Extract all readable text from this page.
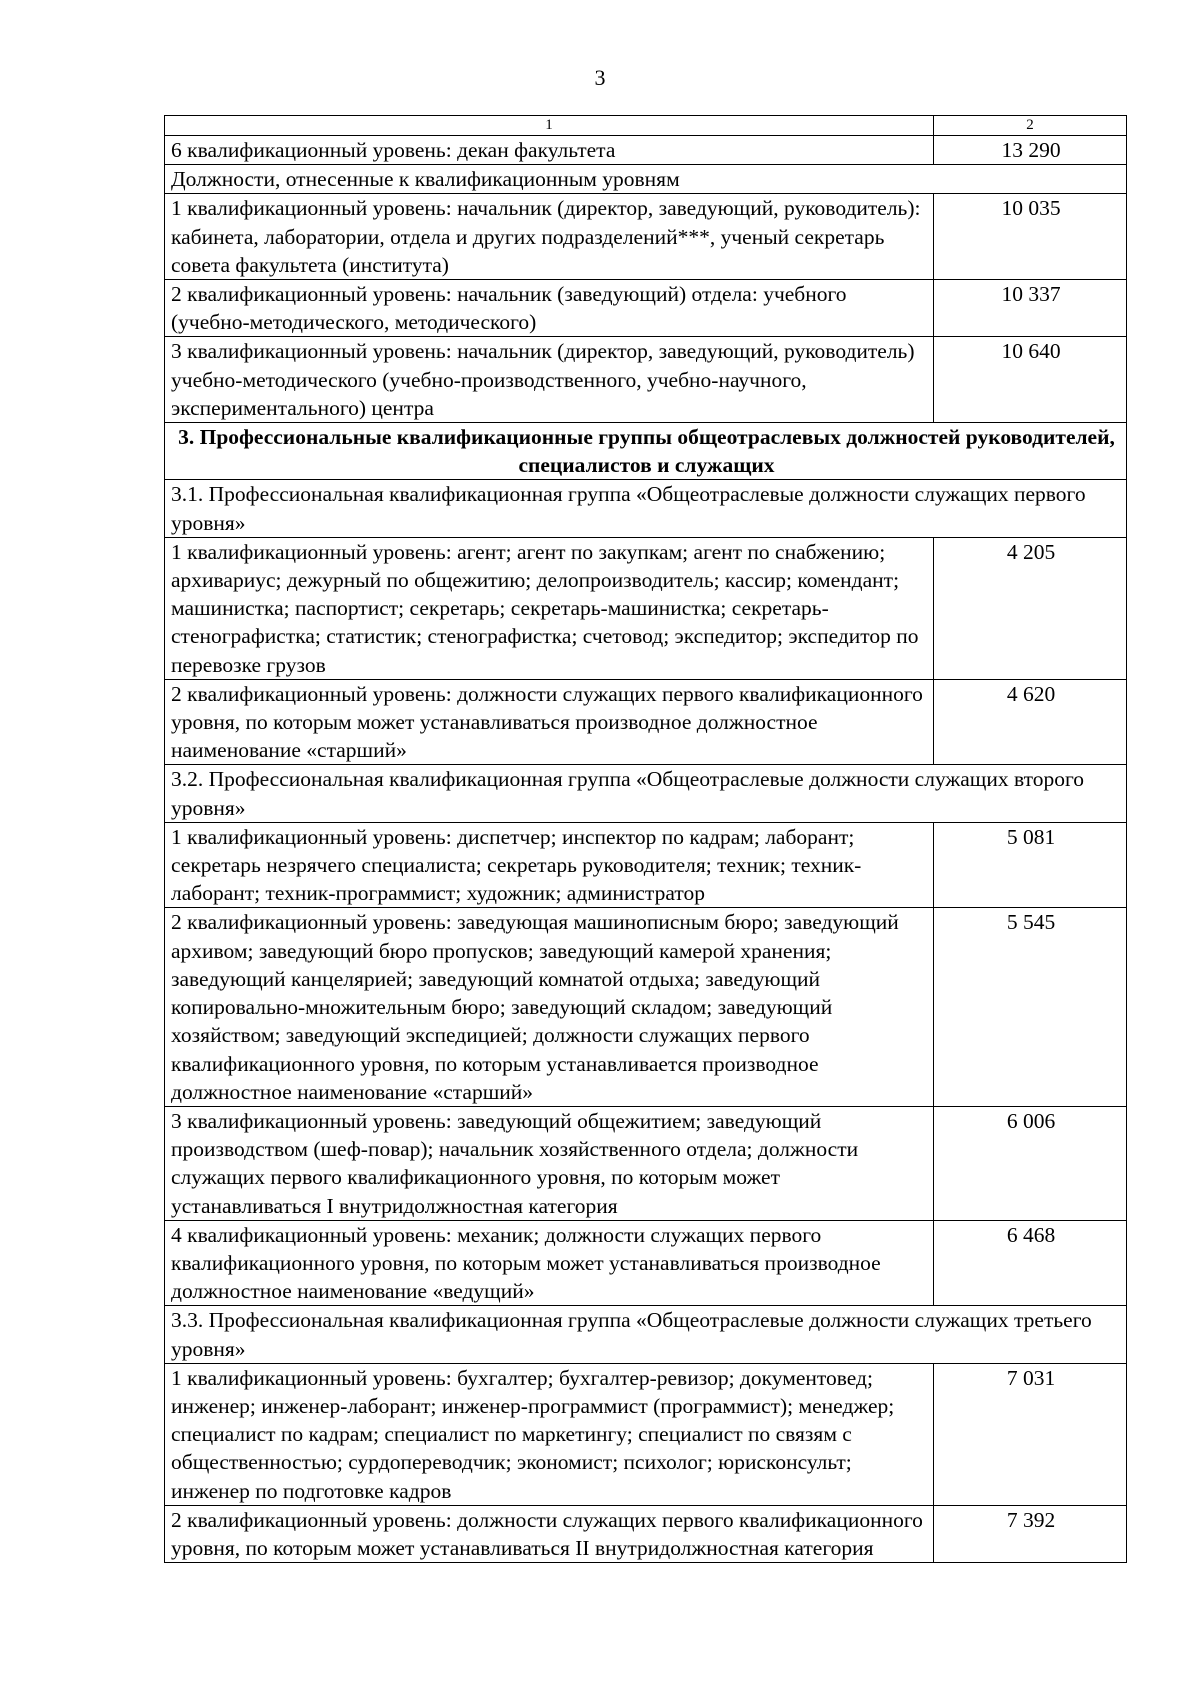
3
1	2
6 квалификационный уровень: декан факультета	13 290
Должности, отнесенные к квалификационным уровням	
1 квалификационный уровень: начальник (директор, заведующий, руководитель): кабинета, лаборатории, отдела и других подразделений***, ученый секретарь совета факультета (института)	10 035
2 квалификационный уровень: начальник (заведующий) отдела: учебного (учебно-методического, методического)	10 337
3 квалификационный уровень: начальник (директор, заведующий, руководитель) учебно-методического (учебно-производственного, учебно-научного, экспериментального) центра	10 640
3. Профессиональные квалификационные группы общеотраслевых должностей руководителей, специалистов и служащих	
3.1. Профессиональная квалификационная группа «Общеотраслевые должности служащих первого уровня»	
1 квалификационный уровень: агент; агент по закупкам; агент по снабжению; архивариус; дежурный по общежитию; делопроизводитель; кассир; комендант; машинистка; паспортист; секретарь; секретарь-машинистка; секретарь-стенографистка; статистик; стенографистка; счетовод; экспедитор; экспедитор по перевозке грузов	4 205
2 квалификационный уровень: должности служащих первого квалификационного уровня, по которым может устанавливаться производное должностное наименование «старший»	4 620
3.2. Профессиональная квалификационная группа «Общеотраслевые должности служащих второго уровня»	
1 квалификационный уровень: диспетчер; инспектор по кадрам; лаборант; секретарь незрячего специалиста; секретарь руководителя; техник; техник-лаборант; техник-программист; художник; администратор	5 081
2 квалификационный уровень: заведующая машинописным бюро; заведующий архивом; заведующий бюро пропусков; заведующий камерой хранения; заведующий канцелярией; заведующий комнатой отдыха; заведующий копировально-множительным бюро; заведующий складом; заведующий хозяйством; заведующий экспедицией; должности служащих первого квалификационного уровня, по которым устанавливается производное должностное наименование «старший»	5 545
3 квалификационный уровень: заведующий общежитием; заведующий производством (шеф-повар); начальник хозяйственного отдела; должности служащих первого квалификационного уровня, по которым может устанавливаться I внутридолжностная категория	6 006
4 квалификационный уровень: механик; должности служащих первого квалификационного уровня, по которым может устанавливаться производное должностное наименование «ведущий»	6 468
3.3. Профессиональная квалификационная группа «Общеотраслевые должности служащих третьего уровня»	
1 квалификационный уровень: бухгалтер; бухгалтер-ревизор; документовед; инженер; инженер-лаборант; инженер-программист (программист); менеджер; специалист по кадрам; специалист по маркетингу; специалист по связям с общественностью; сурдопереводчик; экономист; психолог; юрисконсульт; инженер по подготовке кадров	7 031
2 квалификационный уровень: должности служащих первого квалификационного уровня, по которым может устанавливаться II внутридолжностная категория	7 392
